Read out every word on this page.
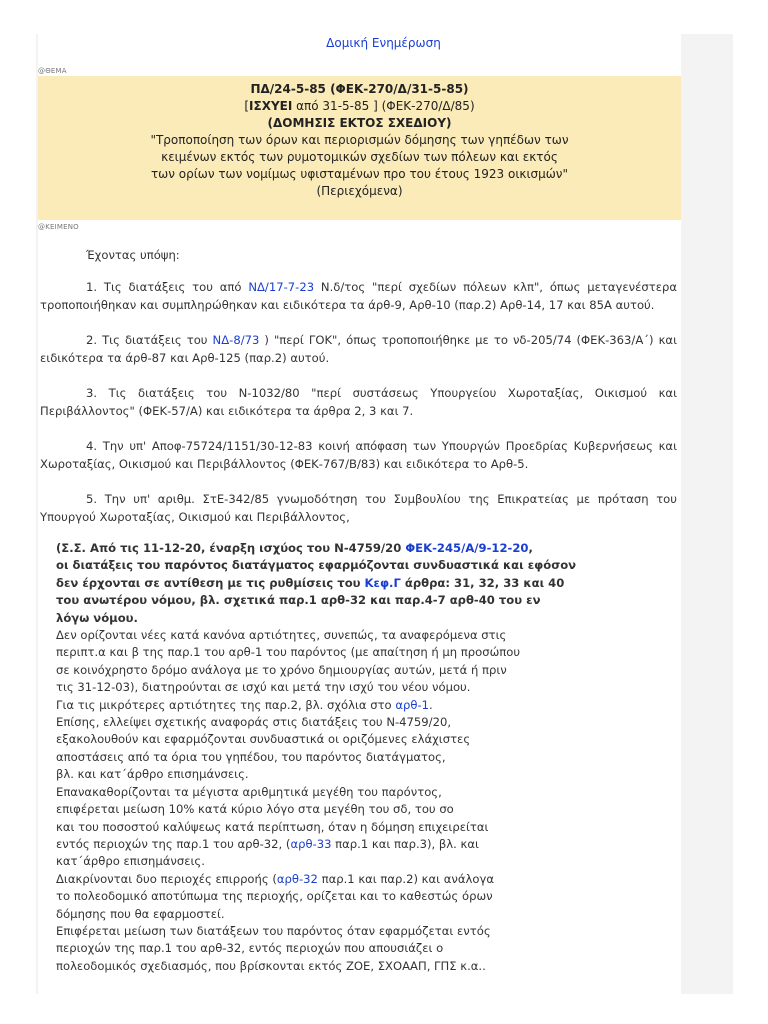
Δομική Ενημέρωση
@ΘΕΜΑ
ΠΔ/24-5-85 (ΦΕΚ-270/Δ/31-5-85)
[ΙΣΧΥΕΙ από 31-5-85 ] (ΦΕΚ-270/Δ/85)
(ΔΟΜΗΣΙΣ ΕΚΤΟΣ ΣΧΕΔΙΟΥ)
"Τροποποίηση των όρων και περιορισμών δόμησης των γηπέδων των
κειμένων εκτός των ρυμοτομικών σχεδίων των πόλεων και εκτός
των ορίων των νομίμως υφισταμένων προ του έτους 1923 οικισμών"
(Περιεχόμενα)
@ΚΕΙΜΕΝΟ

Έχοντας υπόψη:

1. Τις διατάξεις του από ΝΔ/17-7-23 Ν.δ/τος "περί σχεδίων πόλεων κλπ", όπως μεταγενέστερα τροποποιήθηκαν και συμπληρώθηκαν και ειδικότερα τα άρθ-9, Αρθ-10 (παρ.2) Αρθ-14, 17 και 85Α αυτού.

2. Τις διατάξεις του ΝΔ-8/73 ) "περί ΓΟΚ", όπως τροποποιήθηκε με το νδ-205/74 (ΦΕΚ-363/Α΄) και ειδικότερα τα άρθ-87 και Αρθ-125 (παρ.2) αυτού.

3. Τις διατάξεις του Ν-1032/80 "περί συστάσεως Υπουργείου Χωροταξίας, Οικισμού και Περιβάλλοντος" (ΦΕΚ-57/Α) και ειδικότερα τα άρθρα 2, 3 και 7.

4. Την υπ' Αποφ-75724/1151/30-12-83 κοινή απόφαση των Υπουργών Προεδρίας Κυβερνήσεως και Χωροταξίας, Οικισμού και Περιβάλλοντος (ΦΕΚ-767/Β/83) και ειδικότερα το Αρθ-5.

5. Την υπ' αριθμ. ΣτΕ-342/85 γνωμοδότηση του Συμβουλίου της Επικρατείας με πρόταση του Υπουργού Χωροταξίας, Οικισμού και Περιβάλλοντος,

(Σ.Σ. Από τις 11-12-20, έναρξη ισχύος του Ν-4759/20 ΦΕΚ-245/Α/9-12-20,
οι διατάξεις του παρόντος διατάγματος εφαρμόζονται συνδυαστικά και εφόσον
δεν έρχονται σε αντίθεση με τις ρυθμίσεις του Κεφ.Γ άρθρα: 31, 32, 33 και 40
του ανωτέρου νόμου, βλ. σχετικά παρ.1 αρθ-32 και παρ.4-7 αρθ-40 του εν
λόγω νόμου.
Δεν ορίζονται νέες κατά κανόνα αρτιότητες, συνεπώς, τα αναφερόμενα στις
περιπτ.α και β της παρ.1 του αρθ-1 του παρόντος (με απαίτηση ή μη προσώπου
σε κοινόχρηστο δρόμο ανάλογα με το χρόνο δημιουργίας αυτών, μετά ή πριν
τις 31-12-03), διατηρούνται σε ισχύ και μετά την ισχύ του νέου νόμου.
Για τις μικρότερες αρτιότητες της παρ.2, βλ. σχόλια στο αρθ-1.
Επίσης, ελλείψει σχετικής αναφοράς στις διατάξεις του Ν-4759/20,
εξακολουθούν και εφαρμόζονται συνδυαστικά οι οριζόμενες ελάχιστες
αποστάσεις από τα όρια του γηπέδου, του παρόντος διατάγματος,
βλ. και κατ΄άρθρο επισημάνσεις.
Επανακαθορίζονται τα μέγιστα αριθμητικά μεγέθη του παρόντος,
επιφέρεται μείωση 10% κατά κύριο λόγο στα μεγέθη του σδ, του σο
και του ποσοστού καλύψεως κατά περίπτωση, όταν η δόμηση επιχειρείται
εντός περιοχών της παρ.1 του αρθ-32, (αρθ-33 παρ.1 και παρ.3), βλ. και
κατ΄άρθρο επισημάνσεις.
Διακρίνονται δυο περιοχές επιρροής (αρθ-32 παρ.1 και παρ.2) και ανάλογα
το πολεοδομικό αποτύπωμα της περιοχής, ορίζεται και το καθεστώς όρων
δόμησης που θα εφαρμοστεί.
Επιφέρεται μείωση των διατάξεων του παρόντος όταν εφαρμόζεται εντός
περιοχών της παρ.1 του αρθ-32, εντός περιοχών που απουσιάζει ο
πολεοδομικός σχεδιασμός, που βρίσκονται εκτός ΖΟΕ, ΣΧΟΑΑΠ, ΓΠΣ κ.α..
